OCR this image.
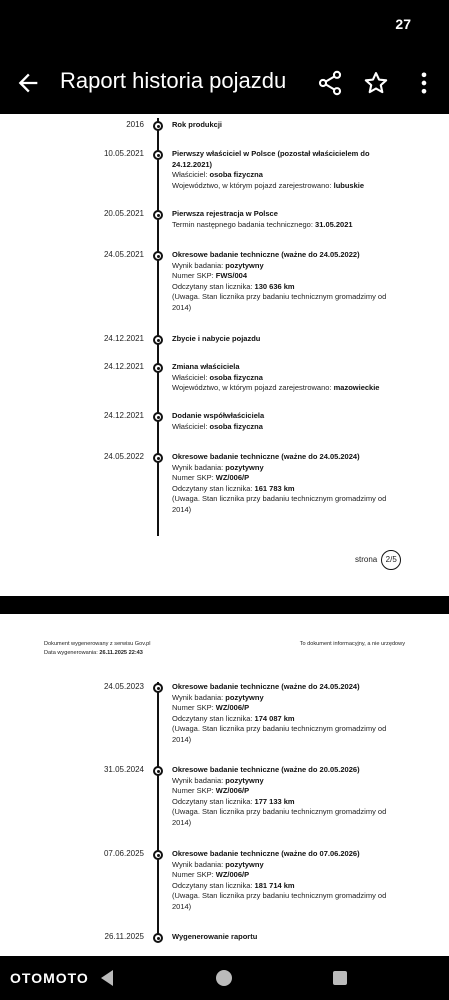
27
Raport historia pojazdu
2016	Rok produkcji
10.05.2021	Pierwszy właściciel w Polsce (pozostał właścicielem do 24.12.2021)
Właściciel: osoba fizyczna
Województwo, w którym pojazd zarejestrowano: lubuskie
20.05.2021	Pierwsza rejestracja w Polsce
Termin następnego badania technicznego: 31.05.2021
24.05.2021	Okresowe badanie techniczne (ważne do 24.05.2022)
Wynik badania: pozytywny
Numer SKP: FWS/004
Odczytany stan licznika: 130 636 km
(Uwaga. Stan licznika przy badaniu technicznym gromadzimy od 2014)
24.12.2021	Zbycie i nabycie pojazdu
24.12.2021	Zmiana właściciela
Właściciel: osoba fizyczna
Województwo, w którym pojazd zarejestrowano: mazowieckie
24.12.2021	Dodanie współwłaściciela
Właściciel: osoba fizyczna
24.05.2022	Okresowe badanie techniczne (ważne do 24.05.2024)
Wynik badania: pozytywny
Numer SKP: WZ/006/P
Odczytany stan licznika: 161 783 km
(Uwaga. Stan licznika przy badaniu technicznym gromadzimy od 2014)
strona 2/5
Dokument wygenerowany z serwisu Gov.pl
Data wygenerowania: 26.11.2025 22:43
To dokument informacyjny, a nie urzędowy
24.05.2023	Okresowe badanie techniczne (ważne do 24.05.2024)
Wynik badania: pozytywny
Numer SKP: WZ/006/P
Odczytany stan licznika: 174 087 km
(Uwaga. Stan licznika przy badaniu technicznym gromadzimy od 2014)
31.05.2024	Okresowe badanie techniczne (ważne do 20.05.2026)
Wynik badania: pozytywny
Numer SKP: WZ/006/P
Odczytany stan licznika: 177 133 km
(Uwaga. Stan licznika przy badaniu technicznym gromadzimy od 2014)
07.06.2025	Okresowe badanie techniczne (ważne do 07.06.2026)
Wynik badania: pozytywny
Numer SKP: WZ/006/P
Odczytany stan licznika: 181 714 km
(Uwaga. Stan licznika przy badaniu technicznym gromadzimy od 2014)
26.11.2025	Wygenerowanie raportu
OTOMOTO
